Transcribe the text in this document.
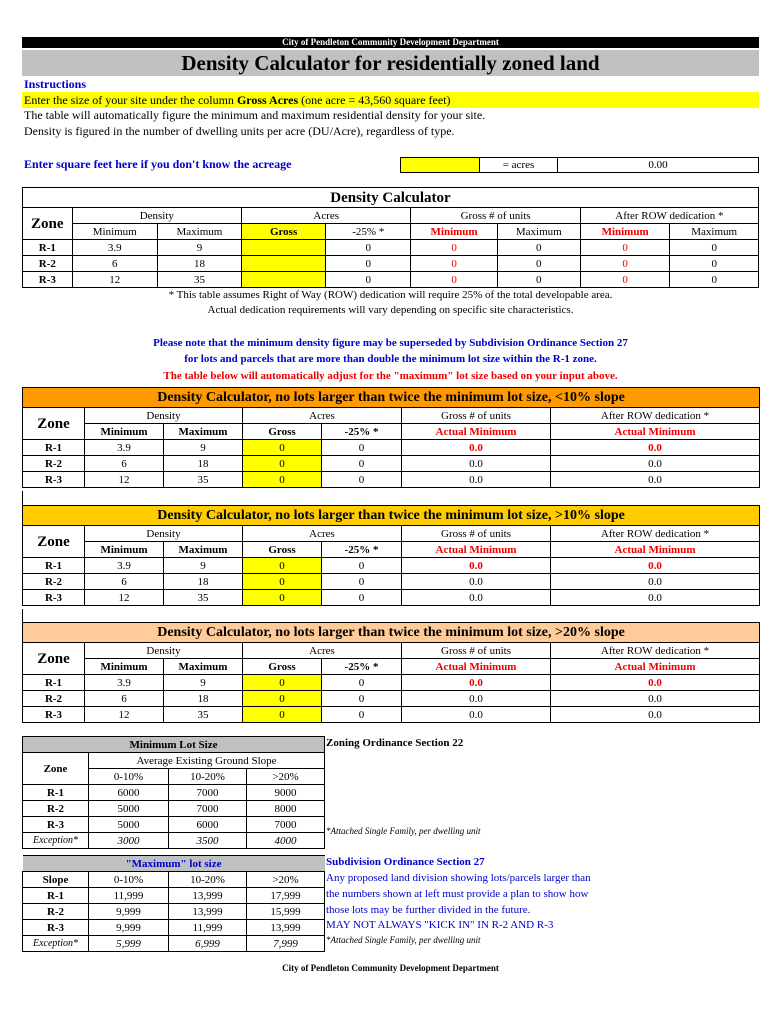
City of Pendleton Community Development Department
Density Calculator for residentially zoned land
Instructions
Enter the size of your site under the column Gross Acres (one acre = 43,560 square feet)
The table will automatically figure the minimum and maximum residential density for your site.
Density is figured in the number of dwelling units per acre (DU/Acre), regardless of type.
Enter square feet here if you don't know the acreage	= acres	0.00
Density Calculator								
Zone	Density		Acres		Gross # of units		After ROW dedication *	
	Minimum	Maximum	Gross	-25% *	Minimum	Maximum	Minimum	Maximum
R-1	3.9	9		0	0	0	0	0
R-2	6	18		0	0	0	0	0
R-3	12	35		0	0	0	0	0
* This table assumes Right of Way (ROW) dedication will require 25% of the total developable area.
Actual dedication requirements will vary depending on specific site characteristics.
Please note that the minimum density figure may be superseded by Subdivision Ordinance Section 27
for lots and parcels that are more than double the minimum lot size within the R-1 zone.
The table below will automatically adjust for the "maximum" lot size based on your input above.
Density Calculator, no lots larger than twice the minimum lot size, <10% slope						
Zone	Density		Acres		Gross # of units	After ROW dedication *
	Minimum	Maximum	Gross	-25% *	Actual Minimum	Actual Minimum
R-1	3.9	9	0	0	0.0	0.0
R-2	6	18	0	0	0.0	0.0
R-3	12	35	0	0	0.0	0.0
Density Calculator, no lots larger than twice the minimum lot size, >10% slope						
Zone	Density		Acres		Gross # of units	After ROW dedication *
	Minimum	Maximum	Gross	-25% *	Actual Minimum	Actual Minimum
R-1	3.9	9	0	0	0.0	0.0
R-2	6	18	0	0	0.0	0.0
R-3	12	35	0	0	0.0	0.0
Density Calculator, no lots larger than twice the minimum lot size, >20% slope						
Zone	Density		Acres		Gross # of units	After ROW dedication *
	Minimum	Maximum	Gross	-25% *	Actual Minimum	Actual Minimum
R-1	3.9	9	0	0	0.0	0.0
R-2	6	18	0	0	0.0	0.0
R-3	12	35	0	0	0.0	0.0
Minimum Lot Size			
Zone	Average Existing Ground Slope		
	0-10%	10-20%	>20%
R-1	6000	7000	9000
R-2	5000	7000	8000
R-3	5000	6000	7000
Exception*	3000	3500	4000
Zoning Ordinance Section 22
*Attached Single Family, per dwelling unit
"Maximum" lot size			
Slope	0-10%	10-20%	>20%
R-1	11,999	13,999	17,999
R-2	9,999	13,999	15,999
R-3	9,999	11,999	13,999
Exception*	5,999	6,999	7,999
Subdivision Ordinance Section 27
Any proposed land division showing lots/parcels larger than
the numbers shown at left must provide a plan to show how
those lots may be further divided in the future.
MAY NOT ALWAYS "KICK IN" IN R-2 AND R-3
*Attached Single Family, per dwelling unit
City of Pendleton Community Development Department
